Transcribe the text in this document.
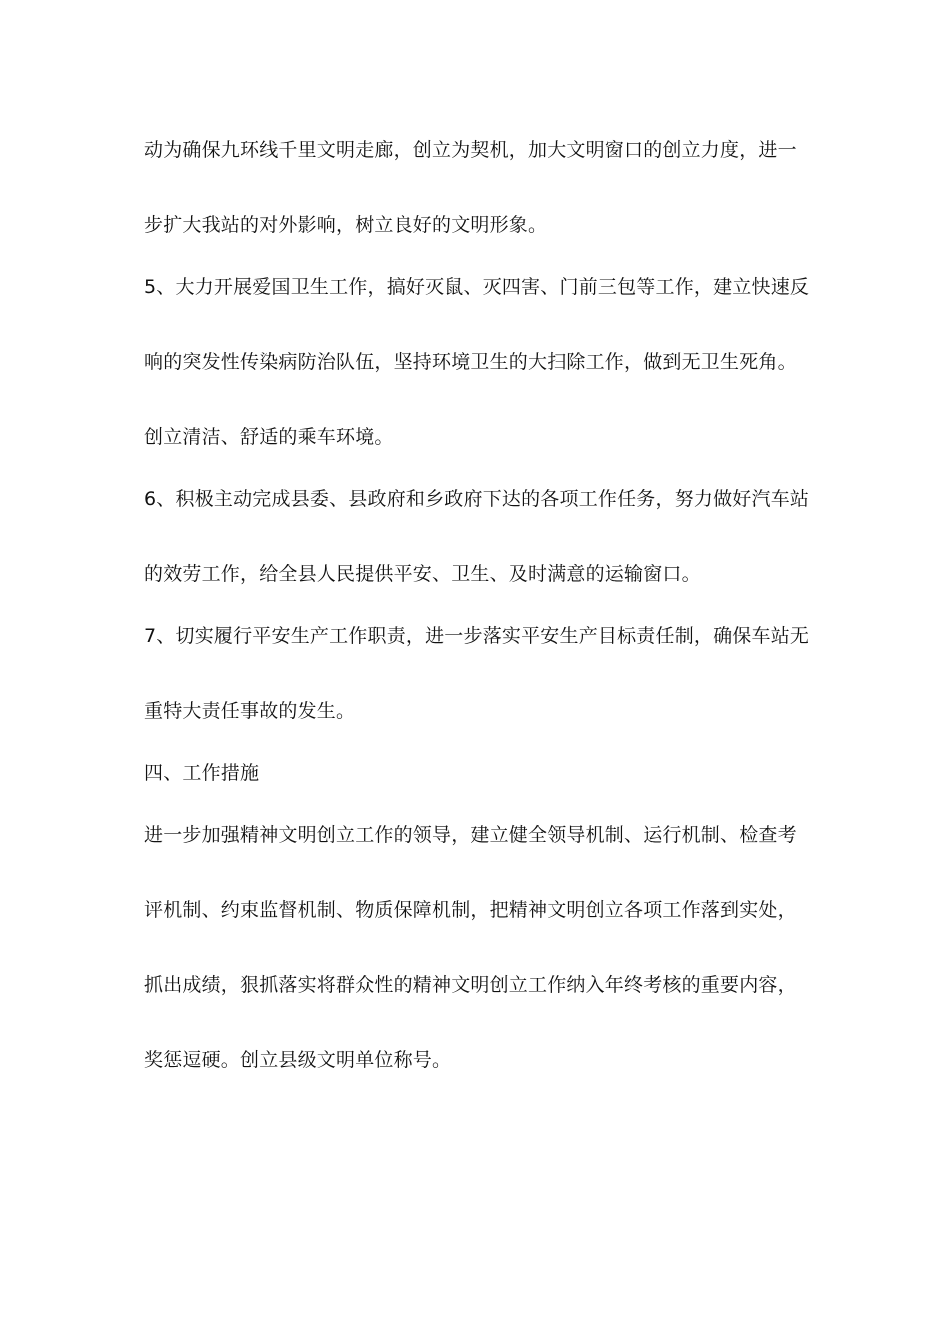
动为确保九环线千里文明走廊，创立为契机，加大文明窗口的创立力度，进一
步扩大我站的对外影响，树立良好的文明形象。
5、大力开展爱国卫生工作，搞好灭鼠、灭四害、门前三包等工作，建立快速反
响的突发性传染病防治队伍，坚持环境卫生的大扫除工作，做到无卫生死角。
创立清洁、舒适的乘车环境。
6、积极主动完成县委、县政府和乡政府下达的各项工作任务，努力做好汽车站
的效劳工作，给全县人民提供平安、卫生、及时满意的运输窗口。
7、切实履行平安生产工作职责，进一步落实平安生产目标责任制，确保车站无
重特大责任事故的发生。
四、工作措施
进一步加强精神文明创立工作的领导，建立健全领导机制、运行机制、检查考
评机制、约束监督机制、物质保障机制，把精神文明创立各项工作落到实处，
抓出成绩，狠抓落实将群众性的精神文明创立工作纳入年终考核的重要内容，
奖惩逗硬。创立县级文明单位称号。
